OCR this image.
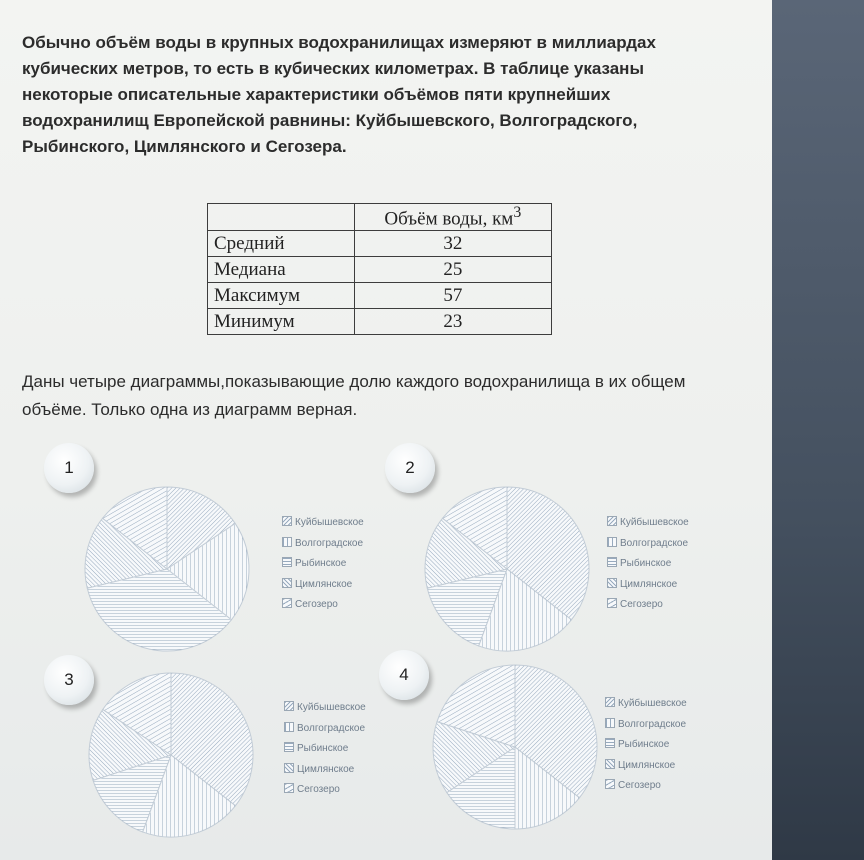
Обычно объём воды в крупных водохранилищах измеряют в миллиардах кубических метров, то есть в кубических километрах. В таблице указаны некоторые описательные характеристики объёмов пяти крупнейших водохранилищ Европейской равнины: Куйбышевского, Волгоградского, Рыбинского, Цимлянского и Сегозера.

	Объём воды, $км^3$
Средний	32
Медиана	25
Максимум	57
Минимум	23

Даны четыре диаграммы,показывающие долю каждого водохранилища в их общем объёме. Только одна из диаграмм верная.

1
Куйбышевское
Волгоградское
Рыбинское
Цимлянское
Сегозеро
2
Куйбышевское
Волгоградское
Рыбинское
Цимлянское
Сегозеро
3
Куйбышевское
Волгоградское
Рыбинское
Цимлянское
Сегозеро
4
Куйбышевское
Волгоградское
Рыбинское
Цимлянское
Сегозеро
